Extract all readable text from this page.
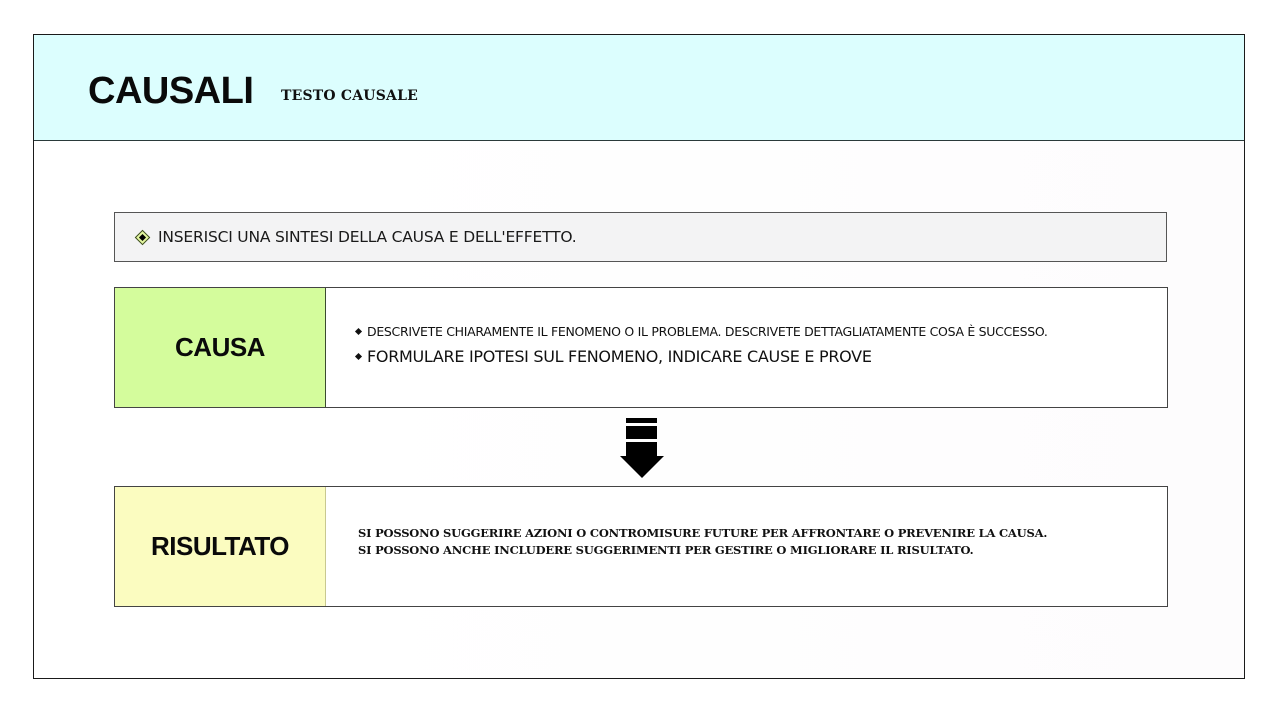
CAUSALI TESTO CAUSALE
INSERISCI UNA SINTESI DELLA CAUSA E DELL'EFFETTO.
CAUSA
DESCRIVETE CHIARAMENTE IL FENOMENO O IL PROBLEMA. DESCRIVETE DETTAGLIATAMENTE COSA È SUCCESSO.
FORMULARE IPOTESI SUL FENOMENO, INDICARE CAUSE E PROVE
RISULTATO	SI POSSONO SUGGERIRE AZIONI O CONTROMISURE FUTURE PER AFFRONTARE O PREVENIRE LA CAUSA.
SI POSSONO ANCHE INCLUDERE SUGGERIMENTI PER GESTIRE O MIGLIORARE IL RISULTATO.
